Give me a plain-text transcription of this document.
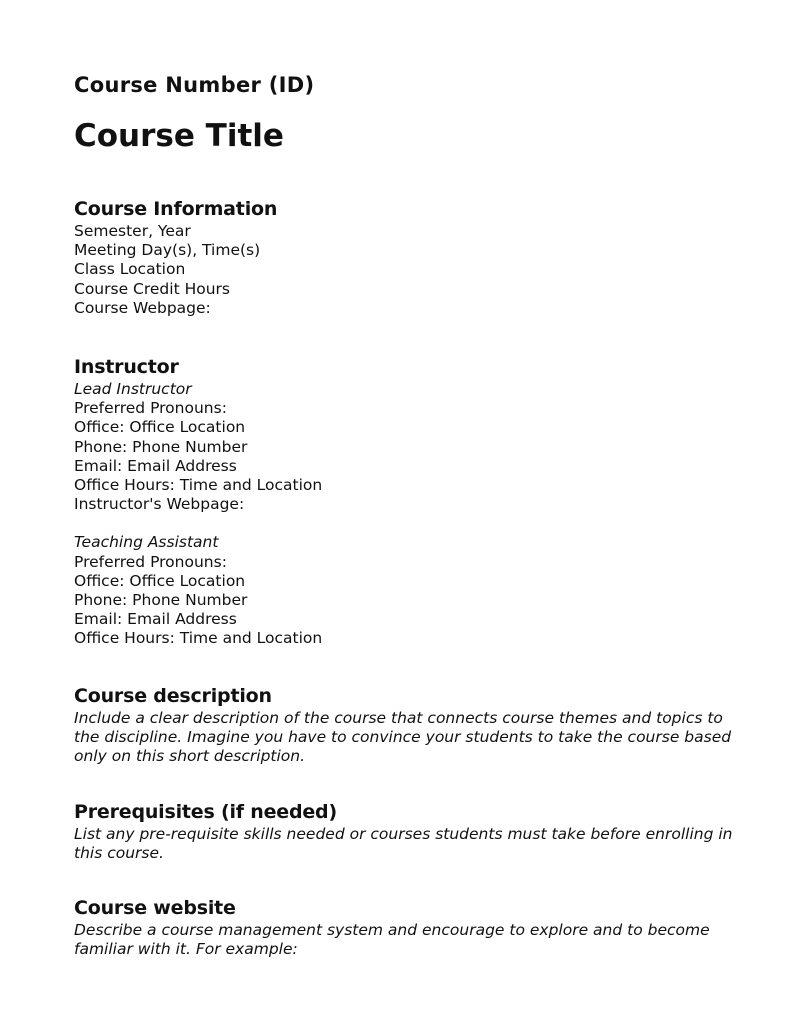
Course Number (ID)

Course Title
Course Information

Semester, Year

Meeting Day(s), Time(s)

Class Location

Course Credit Hours

Course Webpage:

Instructor

Lead Instructor

Preferred Pronouns:

Office: Office Location

Phone: Phone Number

Email: Email Address

Office Hours: Time and Location

Instructor's Webpage:

Teaching Assistant

Preferred Pronouns:

Office: Office Location

Phone: Phone Number

Email: Email Address

Office Hours: Time and Location

Course description

Include a clear description of the course that connects course themes and topics to the discipline. Imagine you have to convince your students to take the course based only on this short description.

Prerequisites (if needed)

List any pre-requisite skills needed or courses students must take before enrolling in this course.

Course website

Describe a course management system and encourage to explore and to become familiar with it. For example:
